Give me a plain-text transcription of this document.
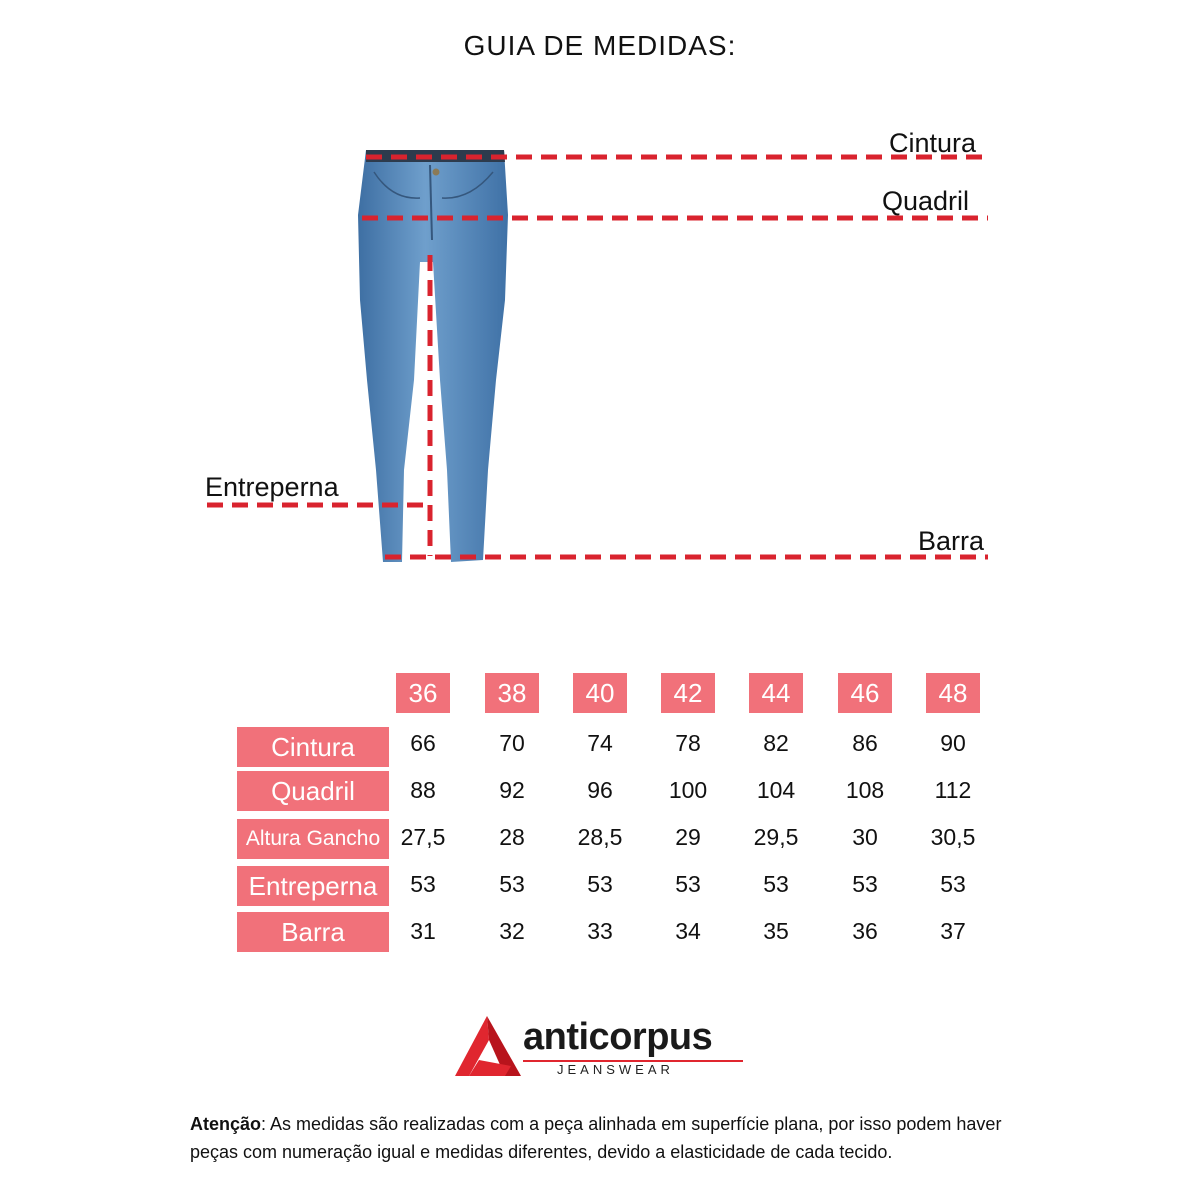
GUIA DE MEDIDAS:
Cintura
Quadril
Entreperna
Barra
36	38	40	42	44	46	48
Cintura	66	70	74	78	82	86	90
Quadril	88	92	96	100	104	108	112
Altura Gancho 27,5	28	28,5	29	29,5	30	30,5
Entreperna	53	53	53	53	53	53	53
Barra	31	32	33	34	35	36	37
anticorpus
JEANSWEAR
Atenção: As medidas são realizadas com a peça alinhada em superfície plana, por isso podem haver peças com numeração igual e medidas diferentes, devido a elasticidade de cada tecido.
